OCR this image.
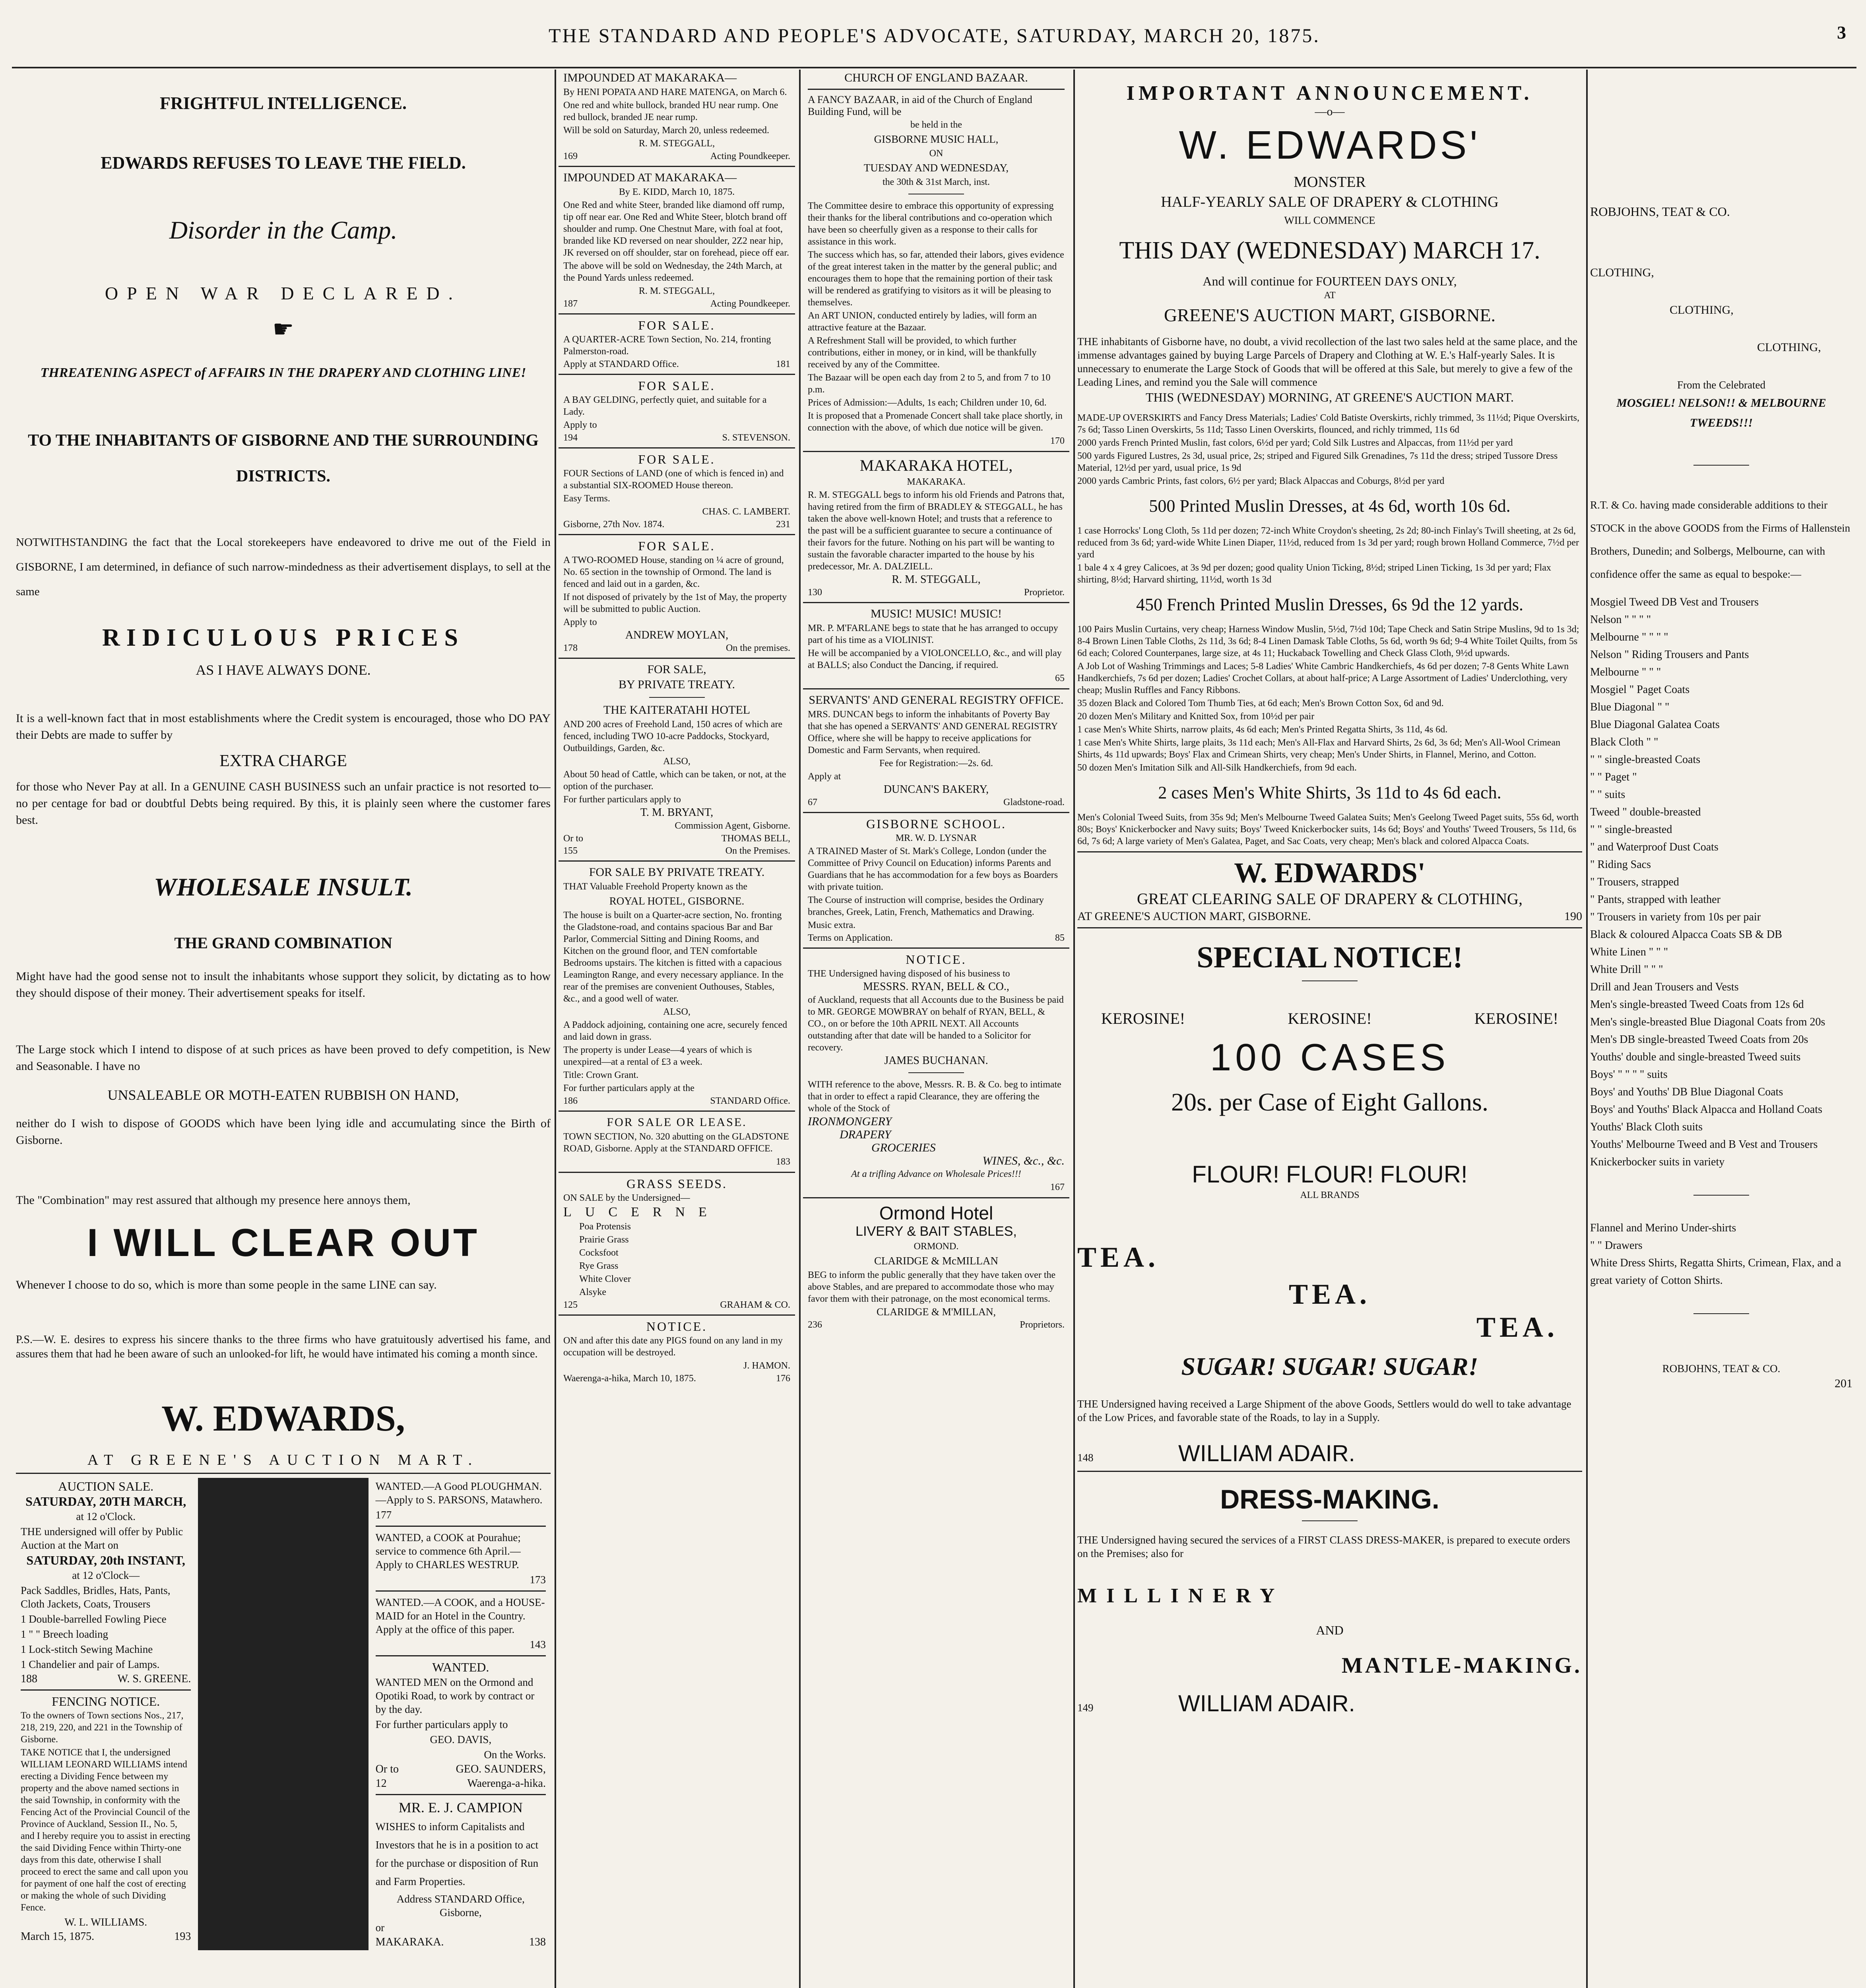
THE STANDARD AND PEOPLE'S ADVOCATE, SATURDAY, MARCH 20, 1875.	3
FRIGHTFUL INTELLIGENCE.
EDWARDS REFUSES TO LEAVE THE FIELD.
Disorder in the Camp.
OPEN WAR DECLARED.
☛
THREATENING ASPECT of AFFAIRS IN THE DRAPERY AND CLOTHING LINE!
TO THE INHABITANTS OF GISBORNE AND THE SURROUNDING DISTRICTS.
NOTWITHSTANDING the fact that the Local storekeepers have endeavored to drive me out of the Field in GISBORNE, I am determined, in defiance of such narrow-mindedness as their advertisement displays, to sell at the same
RIDICULOUS PRICES
AS I HAVE ALWAYS DONE.
It is a well-known fact that in most establishments where the Credit system is encouraged, those who DO PAY their Debts are made to suffer by
EXTRA CHARGE
for those who Never Pay at all. In a GENUINE CASH BUSINESS such an unfair practice is not resorted to—no per centage for bad or doubtful Debts being required. By this, it is plainly seen where the customer fares best.
WHOLESALE INSULT.
THE GRAND COMBINATION
Might have had the good sense not to insult the inhabitants whose support they solicit, by dictating as to how they should dispose of their money. Their advertisement speaks for itself.
The Large stock which I intend to dispose of at such prices as have been proved to defy competition, is New and Seasonable. I have no
UNSALEABLE OR MOTH-EATEN RUBBISH ON HAND,
neither do I wish to dispose of GOODS which have been lying idle and accumulating since the Birth of Gisborne.
The "Combination" may rest assured that although my presence here annoys them,
I WILL CLEAR OUT
Whenever I choose to do so, which is more than some people in the same LINE can say.
P.S.—W. E. desires to express his sincere thanks to the three firms who have gratuitously advertised his fame, and assures them that had he been aware of such an unlooked-for lift, he would have intimated his coming a month since.
W. EDWARDS,
AT GREENE'S AUCTION MART.
AUCTION SALE.
SATURDAY, 20TH MARCH,
at 12 o'Clock.
THE undersigned will offer by Public Auction at the Mart on
SATURDAY, 20th INSTANT,
at 12 o'Clock—
Pack Saddles, Bridles, Hats, Pants, Cloth Jackets, Coats, Trousers
1 Double-barrelled Fowling Piece
1 " " Breech loading
1 Lock-stitch Sewing Machine
1 Chandelier and pair of Lamps.
188	W. S. GREENE.
FENCING NOTICE.
To the owners of Town sections Nos., 217, 218, 219, 220, and 221 in the Township of Gisborne.
TAKE NOTICE that I, the undersigned WILLIAM LEONARD WILLIAMS intend erecting a Dividing Fence between my property and the above named sections in the said Township, in conformity with the Fencing Act of the Provincial Council of the Province of Auckland, Session II., No. 5, and I hereby require you to assist in erecting the said Dividing Fence within Thirty-one days from this date, otherwise I shall proceed to erect the same and call upon you for payment of one half the cost of erecting or making the whole of such Dividing Fence.
W. L. WILLIAMS.
March 15, 1875.	193
WANTED.—A Good PLOUGHMAN.—Apply to S. PARSONS, Matawhero.
177
WANTED, a COOK at Pourahue; service to commence 6th April.—Apply to CHARLES WESTRUP.
173
WANTED.—A COOK, and a HOUSE-MAID for an Hotel in the Country. Apply at the office of this paper.
143
WANTED.
WANTED MEN on the Ormond and Opotiki Road, to work by contract or by the day.
For further particulars apply to
GEO. DAVIS,
On the Works.
Or to	GEO. SAUNDERS,
12	Waerenga-a-hika.
MR. E. J. CAMPION
WISHES to inform Capitalists and Investors that he is in a position to act for the purchase or disposition of Run and Farm Properties.
Address STANDARD Office, Gisborne,
or
MAKARAKA.	138
IMPOUNDED AT MAKARAKA—
By HENI POPATA AND HARE MATENGA, on March 6.
One red and white bullock, branded HU near rump. One red bullock, branded JE near rump.
Will be sold on Saturday, March 20, unless redeemed.
R. M. STEGGALL,
169	Acting Poundkeeper.
IMPOUNDED AT MAKARAKA—
By E. KIDD, March 10, 1875.
One Red and white Steer, branded like diamond off rump, tip off near ear. One Red and White Steer, blotch brand off shoulder and rump. One Chestnut Mare, with foal at foot, branded like KD reversed on near shoulder, 2Z2 near hip, JK reversed on off shoulder, star on forehead, piece off ear.
The above will be sold on Wednesday, the 24th March, at the Pound Yards unless redeemed.
R. M. STEGGALL,
187	Acting Poundkeeper.
FOR SALE.
A QUARTER-ACRE Town Section, No. 214, fronting Palmerston-road.
Apply at STANDARD Office.	181
FOR SALE.
A BAY GELDING, perfectly quiet, and suitable for a Lady.
Apply to
194	S. STEVENSON.
FOR SALE.
FOUR Sections of LAND (one of which is fenced in) and a substantial SIX-ROOMED House thereon.
Easy Terms.
CHAS. C. LAMBERT.
Gisborne, 27th Nov. 1874.	231
FOR SALE.
A TWO-ROOMED House, standing on ¼ acre of ground, No. 65 section in the township of Ormond. The land is fenced and laid out in a garden, &c.
If not disposed of privately by the 1st of May, the property will be submitted to public Auction.
Apply to
ANDREW MOYLAN,
178	On the premises.
FOR SALE,
BY PRIVATE TREATY.
THE KAITERATAHI HOTEL
AND 200 acres of Freehold Land, 150 acres of which are fenced, including TWO 10-acre Paddocks, Stockyard, Outbuildings, Garden, &c.
ALSO,
About 50 head of Cattle, which can be taken, or not, at the option of the purchaser.
For further particulars apply to
T. M. BRYANT,
Commission Agent, Gisborne.
Or to	THOMAS BELL,
155	On the Premises.
FOR SALE BY PRIVATE TREATY.
THAT Valuable Freehold Property known as the
ROYAL HOTEL, GISBORNE.
The house is built on a Quarter-acre section, No. fronting the Gladstone-road, and contains spacious Bar and Bar Parlor, Commercial Sitting and Dining Rooms, and Kitchen on the ground floor, and TEN comfortable Bedrooms upstairs. The kitchen is fitted with a capacious Leamington Range, and every necessary appliance. In the rear of the premises are convenient Outhouses, Stables, &c., and a good well of water.
ALSO,
A Paddock adjoining, containing one acre, securely fenced and laid down in grass.
The property is under Lease—4 years of which is unexpired—at a rental of £3 a week.
Title: Crown Grant.
For further particulars apply at the
186	STANDARD Office.
FOR SALE OR LEASE.
TOWN SECTION, No. 320 abutting on the GLADSTONE ROAD, Gisborne. Apply at the STANDARD OFFICE.
183
GRASS SEEDS.
ON SALE by the Undersigned—
LUCERNE
Poa Protensis
Prairie Grass
Cocksfoot
Rye Grass
White Clover
Alsyke
125	GRAHAM & CO.
NOTICE.
ON and after this date any PIGS found on any land in my occupation will be destroyed.
J. HAMON.
Waerenga-a-hika, March 10, 1875.	176
CHURCH OF ENGLAND BAZAAR.
A FANCY BAZAAR, in aid of the Church of England Building Fund, will be
be held in the
GISBORNE MUSIC HALL,
ON
TUESDAY AND WEDNESDAY,
the 30th & 31st March, inst.
The Committee desire to embrace this opportunity of expressing their thanks for the liberal contributions and co-operation which have been so cheerfully given as a response to their calls for assistance in this work.
The success which has, so far, attended their labors, gives evidence of the great interest taken in the matter by the general public; and encourages them to hope that the remaining portion of their task will be rendered as gratifying to visitors as it will be pleasing to themselves.
An ART UNION, conducted entirely by ladies, will form an attractive feature at the Bazaar.
A Refreshment Stall will be provided, to which further contributions, either in money, or in kind, will be thankfully received by any of the Committee.
The Bazaar will be open each day from 2 to 5, and from 7 to 10 p.m.
Prices of Admission:—Adults, 1s each; Children under 10, 6d.
It is proposed that a Promenade Concert shall take place shortly, in connection with the above, of which due notice will be given.
170
MAKARAKA HOTEL,
MAKARAKA.
R. M. STEGGALL begs to inform his old Friends and Patrons that, having retired from the firm of BRADLEY & STEGGALL, he has taken the above well-known Hotel; and trusts that a reference to the past will be a sufficient guarantee to secure a continuance of their favors for the future. Nothing on his part will be wanting to sustain the favorable character imparted to the house by his predecessor, Mr. A. DALZIELL.
R. M. STEGGALL,
130	Proprietor.
MUSIC! MUSIC! MUSIC!
MR. P. M'FARLANE begs to state that he has arranged to occupy part of his time as a VIOLINIST.
He will be accompanied by a VIOLONCELLO, &c., and will play at BALLS; also Conduct the Dancing, if required.
65
SERVANTS' AND GENERAL REGISTRY OFFICE.
MRS. DUNCAN begs to inform the inhabitants of Poverty Bay that she has opened a SERVANTS' AND GENERAL REGISTRY Office, where she will be happy to receive applications for Domestic and Farm Servants, when required.
Fee for Registration:—2s. 6d.
Apply at
DUNCAN'S BAKERY,
67	Gladstone-road.
GISBORNE SCHOOL.
MR. W. D. LYSNAR
A TRAINED Master of St. Mark's College, London (under the Committee of Privy Council on Education) informs Parents and Guardians that he has accommodation for a few boys as Boarders with private tuition.
The Course of instruction will comprise, besides the Ordinary branches, Greek, Latin, French, Mathematics and Drawing.
Music extra.
Terms on Application.	85
NOTICE.
THE Undersigned having disposed of his business to
MESSRS. RYAN, BELL & CO.,
of Auckland, requests that all Accounts due to the Business be paid to MR. GEORGE MOWBRAY on behalf of RYAN, BELL, & CO., on or before the 10th APRIL NEXT. All Accounts outstanding after that date will be handed to a Solicitor for recovery.
JAMES BUCHANAN.
WITH reference to the above, Messrs. R. B. & Co. beg to intimate that in order to effect a rapid Clearance, they are offering the whole of the Stock of
IRONMONGERY
DRAPERY
GROCERIES
WINES, &c., &c.
At a trifling Advance on Wholesale Prices!!!
167
Ormond Hotel
LIVERY & BAIT STABLES,
ORMOND.
CLARIDGE & McMILLAN
BEG to inform the public generally that they have taken over the above Stables, and are prepared to accommodate those who may favor them with their patronage, on the most economical terms.
CLARIDGE & M'MILLAN,
236	Proprietors.
IMPORTANT ANNOUNCEMENT.
—o—
W. EDWARDS'
MONSTER
HALF-YEARLY SALE OF DRAPERY & CLOTHING
WILL COMMENCE
THIS DAY (WEDNESDAY) MARCH 17.
And will continue for FOURTEEN DAYS ONLY,
AT
GREENE'S AUCTION MART, GISBORNE.
THE inhabitants of Gisborne have, no doubt, a vivid recollection of the last two sales held at the same place, and the immense advantages gained by buying Large Parcels of Drapery and Clothing at W. E.'s Half-yearly Sales. It is unnecessary to enumerate the Large Stock of Goods that will be offered at this Sale, but merely to give a few of the Leading Lines, and remind you the Sale will commence
THIS (WEDNESDAY) MORNING, AT GREENE'S AUCTION MART.
MADE-UP OVERSKIRTS and Fancy Dress Materials; Ladies' Cold Batiste Overskirts, richly trimmed, 3s 11½d; Pique Overskirts, 7s 6d; Tasso Linen Overskirts, 5s 11d; Tasso Linen Overskirts, flounced, and richly trimmed, 11s 6d
2000 yards French Printed Muslin, fast colors, 6½d per yard; Cold Silk Lustres and Alpaccas, from 11½d per yard
500 yards Figured Lustres, 2s 3d, usual price, 2s; striped and Figured Silk Grenadines, 7s 11d the dress; striped Tussore Dress Material, 12½d per yard, usual price, 1s 9d
2000 yards Cambric Prints, fast colors, 6½ per yard; Black Alpaccas and Coburgs, 8½d per yard
500 Printed Muslin Dresses, at 4s 6d, worth 10s 6d.
1 case Horrocks' Long Cloth, 5s 11d per dozen; 72-inch White Croydon's sheeting, 2s 2d; 80-inch Finlay's Twill sheeting, at 2s 6d, reduced from 3s 6d; yard-wide White Linen Diaper, 11½d, reduced from 1s 3d per yard; rough brown Holland Commerce, 7½d per yard
1 bale 4 x 4 grey Calicoes, at 3s 9d per dozen; good quality Union Ticking, 8½d; striped Linen Ticking, 1s 3d per yard; Flax shirting, 8½d; Harvard shirting, 11½d, worth 1s 3d
450 French Printed Muslin Dresses, 6s 9d the 12 yards.
100 Pairs Muslin Curtains, very cheap; Harness Window Muslin, 5½d, 7½d 10d; Tape Check and Satin Stripe Muslins, 9d to 1s 3d; 8-4 Brown Linen Table Cloths, 2s 11d, 3s 6d; 8-4 Linen Damask Table Cloths, 5s 6d, worth 9s 6d; 9-4 White Toilet Quilts, from 5s 6d each; Colored Counterpanes, large size, at 4s 11; Huckaback Towelling and Check Glass Cloth, 9½d upwards.
A Job Lot of Washing Trimmings and Laces; 5-8 Ladies' White Cambric Handkerchiefs, 4s 6d per dozen; 7-8 Gents White Lawn Handkerchiefs, 7s 6d per dozen; Ladies' Crochet Collars, at about half-price; A Large Assortment of Ladies' Underclothing, very cheap; Muslin Ruffles and Fancy Ribbons.
35 dozen Black and Colored Tom Thumb Ties, at 6d each; Men's Brown Cotton Sox, 6d and 9d.
20 dozen Men's Military and Knitted Sox, from 10½d per pair
1 case Men's White Shirts, narrow plaits, 4s 6d each; Men's Printed Regatta Shirts, 3s 11d, 4s 6d.
1 case Men's White Shirts, large plaits, 3s 11d each; Men's All-Flax and Harvard Shirts, 2s 6d, 3s 6d; Men's All-Wool Crimean Shirts, 4s 11d upwards; Boys' Flax and Crimean Shirts, very cheap; Men's Under Shirts, in Flannel, Merino, and Cotton.
50 dozen Men's Imitation Silk and All-Silk Handkerchiefs, from 9d each.
2 cases Men's White Shirts, 3s 11d to 4s 6d each.
Men's Colonial Tweed Suits, from 35s 9d; Men's Melbourne Tweed Galatea Suits; Men's Geelong Tweed Paget suits, 55s 6d, worth 80s; Boys' Knickerbocker and Navy suits; Boys' Tweed Knickerbocker suits, 14s 6d; Boys' and Youths' Tweed Trousers, 5s 11d, 6s 6d, 7s 6d; A large variety of Men's Galatea, Paget, and Sac Coats, very cheap; Men's black and colored Alpacca Coats.
W. EDWARDS'
GREAT CLEARING SALE OF DRAPERY & CLOTHING,
AT GREENE'S AUCTION MART, GISBORNE.	190
SPECIAL NOTICE!
KEROSINE!	KEROSINE!	KEROSINE!
100 CASES
20s. per Case of Eight Gallons.
FLOUR! FLOUR! FLOUR!
ALL BRANDS
TEA.
TEA.
TEA.
SUGAR! SUGAR! SUGAR!
THE Undersigned having received a Large Shipment of the above Goods, Settlers would do well to take advantage of the Low Prices, and favorable state of the Roads, to lay in a Supply.
148	WILLIAM ADAIR.
DRESS-MAKING.
THE Undersigned having secured the services of a FIRST CLASS DRESS-MAKER, is prepared to execute orders on the Premises; also for
MILLINERY
AND
MANTLE-MAKING.
149	WILLIAM ADAIR.
ROBJOHNS, TEAT & CO.
CLOTHING,
CLOTHING,
CLOTHING,
From the Celebrated
MOSGIEL! NELSON!! & MELBOURNE TWEEDS!!!
R.T. & Co. having made considerable additions to their STOCK in the above GOODS from the Firms of Hallenstein Brothers, Dunedin; and Solbergs, Melbourne, can with confidence offer the same as equal to bespoke:—
Mosgiel Tweed DB Vest and Trousers
Nelson " " " "
Melbourne " " " "
Nelson " Riding Trousers and Pants
Melbourne " " "
Mosgiel " Paget Coats
Blue Diagonal " "
Blue Diagonal Galatea Coats
Black Cloth " "
" " single-breasted Coats
" " Paget "
" " suits
Tweed " double-breasted
" " single-breasted
" and Waterproof Dust Coats
" Riding Sacs
" Trousers, strapped
" Pants, strapped with leather
" Trousers in variety from 10s per pair
Black & coloured Alpacca Coats SB & DB
White Linen " " "
White Drill " " "
Drill and Jean Trousers and Vests
Men's single-breasted Tweed Coats from 12s 6d
Men's single-breasted Blue Diagonal Coats from 20s
Men's DB single-breasted Tweed Coats from 20s
Youths' double and single-breasted Tweed suits
Boys' " " " " suits
Boys' and Youths' DB Blue Diagonal Coats
Boys' and Youths' Black Alpacca and Holland Coats
Youths' Black Cloth suits
Youths' Melbourne Tweed and B Vest and Trousers
Knickerbocker suits in variety
Flannel and Merino Under-shirts
" " Drawers
White Dress Shirts, Regatta Shirts, Crimean, Flax, and a great variety of Cotton Shirts.
ROBJOHNS, TEAT & CO.
201
